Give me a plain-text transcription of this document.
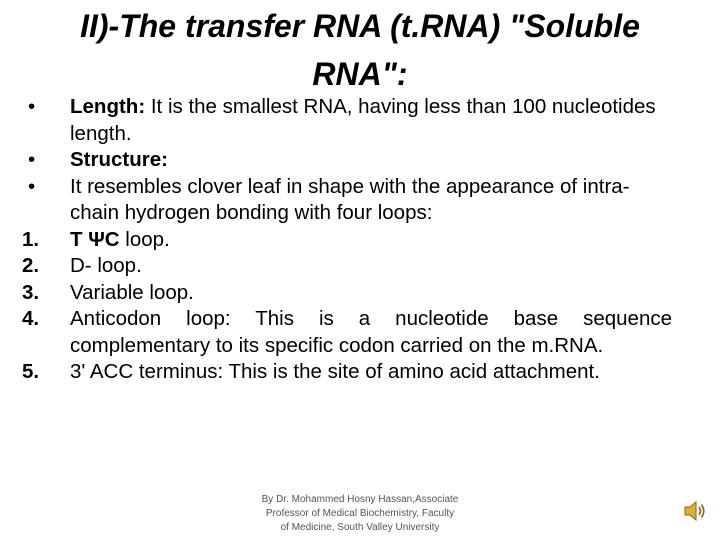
II)-The transfer RNA (t.RNA) "Soluble
RNA":
•	Length: It is the smallest RNA, having less than 100 nucleotides length.
•	Structure:
•	It resembles clover leaf in shape with the appearance of intra-chain hydrogen bonding with four loops:
1.	T ΨC loop.
2.	D- loop.
3.	Variable loop.
4.	Anticodon loop: This is a nucleotide base sequence complementary to its specific codon carried on the m.RNA.
5.	3' ACC terminus: This is the site of amino acid attachment.
By Dr. Mohammed Hosny Hassan,Associate
Professor of Medical Biochemistry, Faculty
of Medicine, South Valley University
